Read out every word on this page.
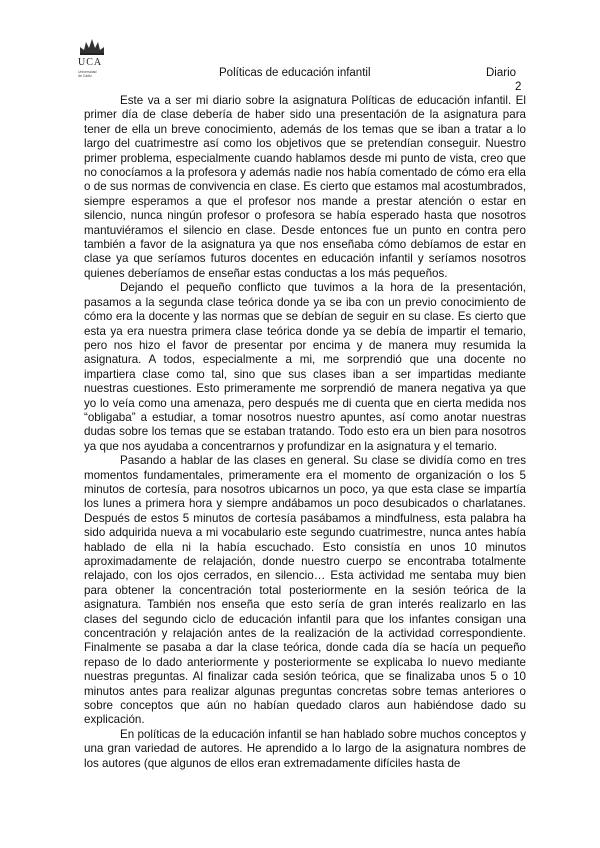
UCA
Universidad de Cádiz	Políticas de educación infantil	Diario
2

Este va a ser mi diario sobre la asignatura Políticas de educación infantil. El primer día de clase debería de haber sido una presentación de la asignatura para tener de ella un breve conocimiento, además de los temas que se iban a tratar a lo largo del cuatrimestre así como los objetivos que se pretendían conseguir. Nuestro primer problema, especialmente cuando hablamos desde mi punto de vista, creo que no conocíamos a la profesora y además nadie nos había comentado de cómo era ella o de sus normas de convivencia en clase. Es cierto que estamos mal acostumbrados, siempre esperamos a que el profesor nos mande a prestar atención o estar en silencio, nunca ningún profesor o profesora se había esperado hasta que nosotros mantuviéramos el silencio en clase. Desde entonces fue un punto en contra pero también a favor de la asignatura ya que nos enseñaba cómo debíamos de estar en clase ya que seríamos futuros docentes en educación infantil y seríamos nosotros quienes deberíamos de enseñar estas conductas a los más pequeños.

Dejando el pequeño conflicto que tuvimos a la hora de la presentación, pasamos a la segunda clase teórica donde ya se iba con un previo conocimiento de cómo era la docente y las normas que se debían de seguir en su clase. Es cierto que esta ya era nuestra primera clase teórica donde ya se debía de impartir el temario, pero nos hizo el favor de presentar por encima y de manera muy resumida la asignatura. A todos, especialmente a mi, me sorprendió que una docente no impartiera clase como tal, sino que sus clases iban a ser impartidas mediante nuestras cuestiones. Esto primeramente me sorprendió de manera negativa ya que yo lo veía como una amenaza, pero después me di cuenta que en cierta medida nos “obligaba” a estudiar, a tomar nosotros nuestro apuntes, así como anotar nuestras dudas sobre los temas que se estaban tratando. Todo esto era un bien para nosotros ya que nos ayudaba a concentrarnos y profundizar en la asignatura y el temario.

Pasando a hablar de las clases en general. Su clase se dividía como en tres momentos fundamentales, primeramente era el momento de organización o los 5 minutos de cortesía, para nosotros ubicarnos un poco, ya que esta clase se impartía los lunes a primera hora y siempre andábamos un poco desubicados o charlatanes. Después de estos 5 minutos de cortesía pasábamos a mindfulness, esta palabra ha sido adquirida nueva a mi vocabulario este segundo cuatrimestre, nunca antes había hablado de ella ni la había escuchado. Esto consistía en unos 10 minutos aproximadamente de relajación, donde nuestro cuerpo se encontraba totalmente relajado, con los ojos cerrados, en silencio… Esta actividad me sentaba muy bien para obtener la concentración total posteriormente en la sesión teórica de la asignatura. También nos enseña que esto sería de gran interés realizarlo en las clases del segundo ciclo de educación infantil para que los infantes consigan una concentración y relajación antes de la realización de la actividad correspondiente. Finalmente se pasaba a dar la clase teórica, donde cada día se hacía un pequeño repaso de lo dado anteriormente y posteriormente se explicaba lo nuevo mediante nuestras preguntas. Al finalizar cada sesión teórica, que se finalizaba unos 5 o 10 minutos antes para realizar algunas preguntas concretas sobre temas anteriores o sobre conceptos que aún no habían quedado claros aun habiéndose dado su explicación.

En políticas de la educación infantil se han hablado sobre muchos conceptos y una gran variedad de autores. He aprendido a lo largo de la asignatura nombres de los autores (que algunos de ellos eran extremadamente difíciles hasta de
